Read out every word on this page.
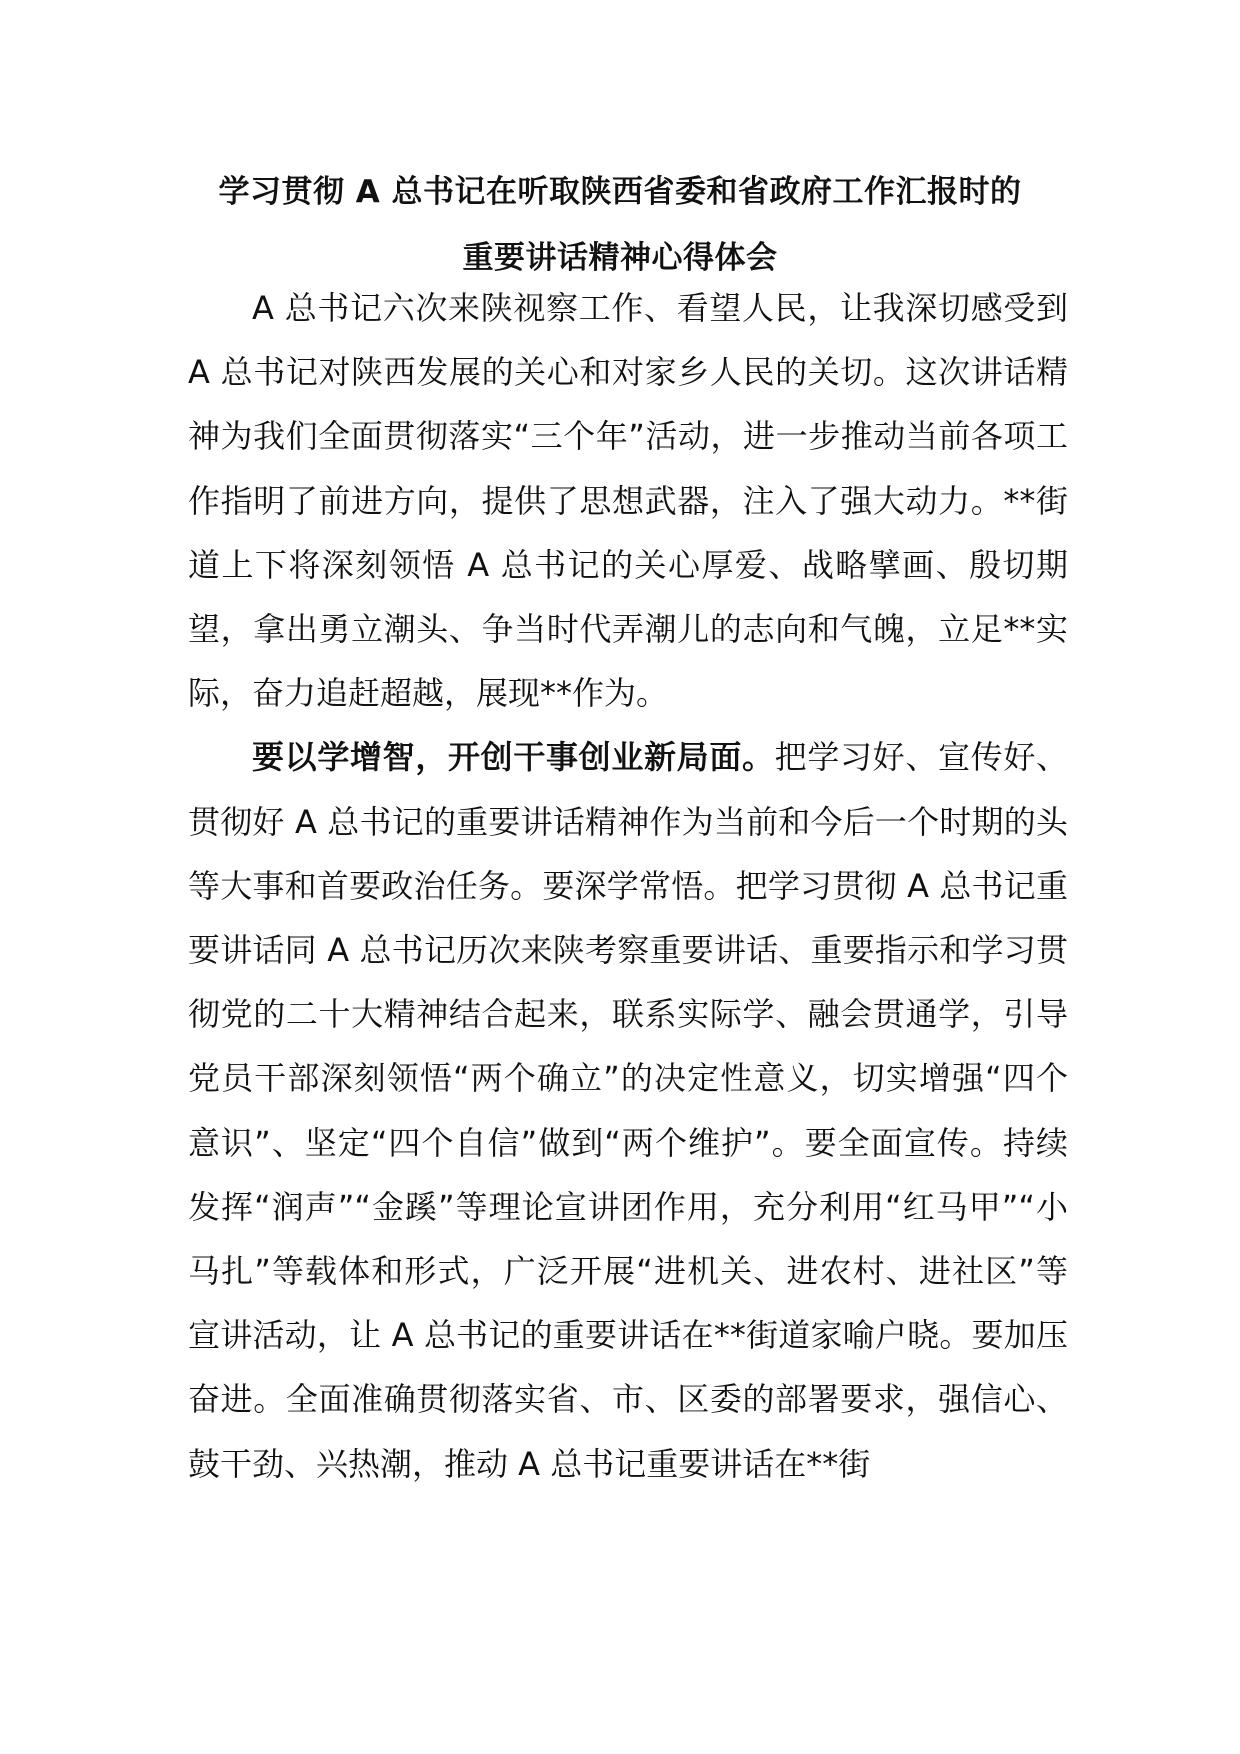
学习贯彻 A 总书记在听取陕西省委和省政府工作汇报时的
重要讲话精神心得体会

A 总书记六次来陕视察工作、看望人民，让我深切感受到 A 总书记对陕西发展的关心和对家乡人民的关切。这次讲话精神为我们全面贯彻落实“三个年”活动，进一步推动当前各项工作指明了前进方向，提供了思想武器，注入了强大动力。**街道上下将深刻领悟 A 总书记的关心厚爱、战略擘画、殷切期望，拿出勇立潮头、争当时代弄潮儿的志向和气魄，立足**实际，奋力追赶超越，展现**作为。

要以学增智，开创干事创业新局面。把学习好、宣传好、贯彻好 A 总书记的重要讲话精神作为当前和今后一个时期的头等大事和首要政治任务。要深学常悟。把学习贯彻 A 总书记重要讲话同 A 总书记历次来陕考察重要讲话、重要指示和学习贯彻党的二十大精神结合起来，联系实际学、融会贯通学，引导党员干部深刻领悟“两个确立”的决定性意义，切实增强“四个意识”、坚定“四个自信”做到“两个维护”。要全面宣传。持续发挥“润声”“金蹊”等理论宣讲团作用，充分利用“红马甲”“小马扎”等载体和形式，广泛开展“进机关、进农村、进社区”等宣讲活动，让 A 总书记的重要讲话在**街道家喻户晓。要加压奋进。全面准确贯彻落实省、市、区委的部署要求，强信心、鼓干劲、兴热潮，推动 A 总书记重要讲话在**街
